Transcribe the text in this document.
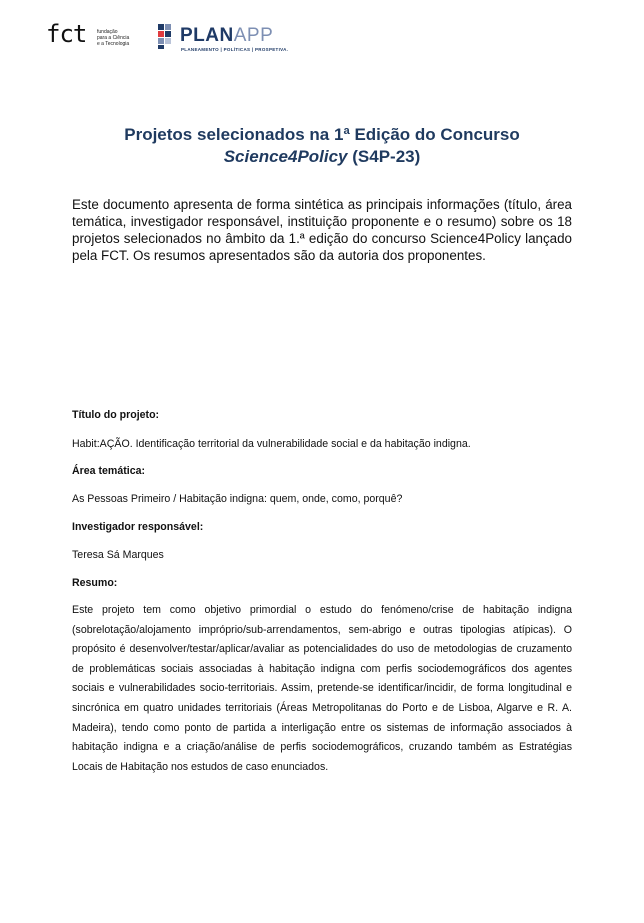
fct fundação
para a Ciência
e a Tecnologia	PLANAPP
PLANEAMENTO | POLÍTICAS | PROSPETIVA.
Projetos selecionados na 1ª Edição do Concurso
Science4Policy (S4P-23)
Este documento apresenta de forma sintética as principais informações (título, área temática, investigador responsável, instituição proponente e o resumo) sobre os 18 projetos selecionados no âmbito da 1.ª edição do concurso Science4Policy lançado pela FCT. Os resumos apresentados são da autoria dos proponentes.
Título do projeto:
Habit:AÇÃO. Identificação territorial da vulnerabilidade social e da habitação indigna.
Área temática:
As Pessoas Primeiro / Habitação indigna: quem, onde, como, porquê?
Investigador responsável:
Teresa Sá Marques
Resumo:
Este projeto tem como objetivo primordial o estudo do fenómeno/crise de habitação indigna (sobrelotação/alojamento impróprio/sub-arrendamentos, sem-abrigo e outras tipologias atípicas). O propósito é desenvolver/testar/aplicar/avaliar as potencialidades do uso de metodologias de cruzamento de problemáticas sociais associadas à habitação indigna com perfis sociodemográficos dos agentes sociais e vulnerabilidades socio-territoriais. Assim, pretende-se identificar/incidir, de forma longitudinal e sincrónica em quatro unidades territoriais (Áreas Metropolitanas do Porto e de Lisboa, Algarve e R. A. Madeira), tendo como ponto de partida a interligação entre os sistemas de informação associados à habitação indigna e a criação/análise de perfis sociodemográficos, cruzando também as Estratégias Locais de Habitação nos estudos de caso enunciados.
